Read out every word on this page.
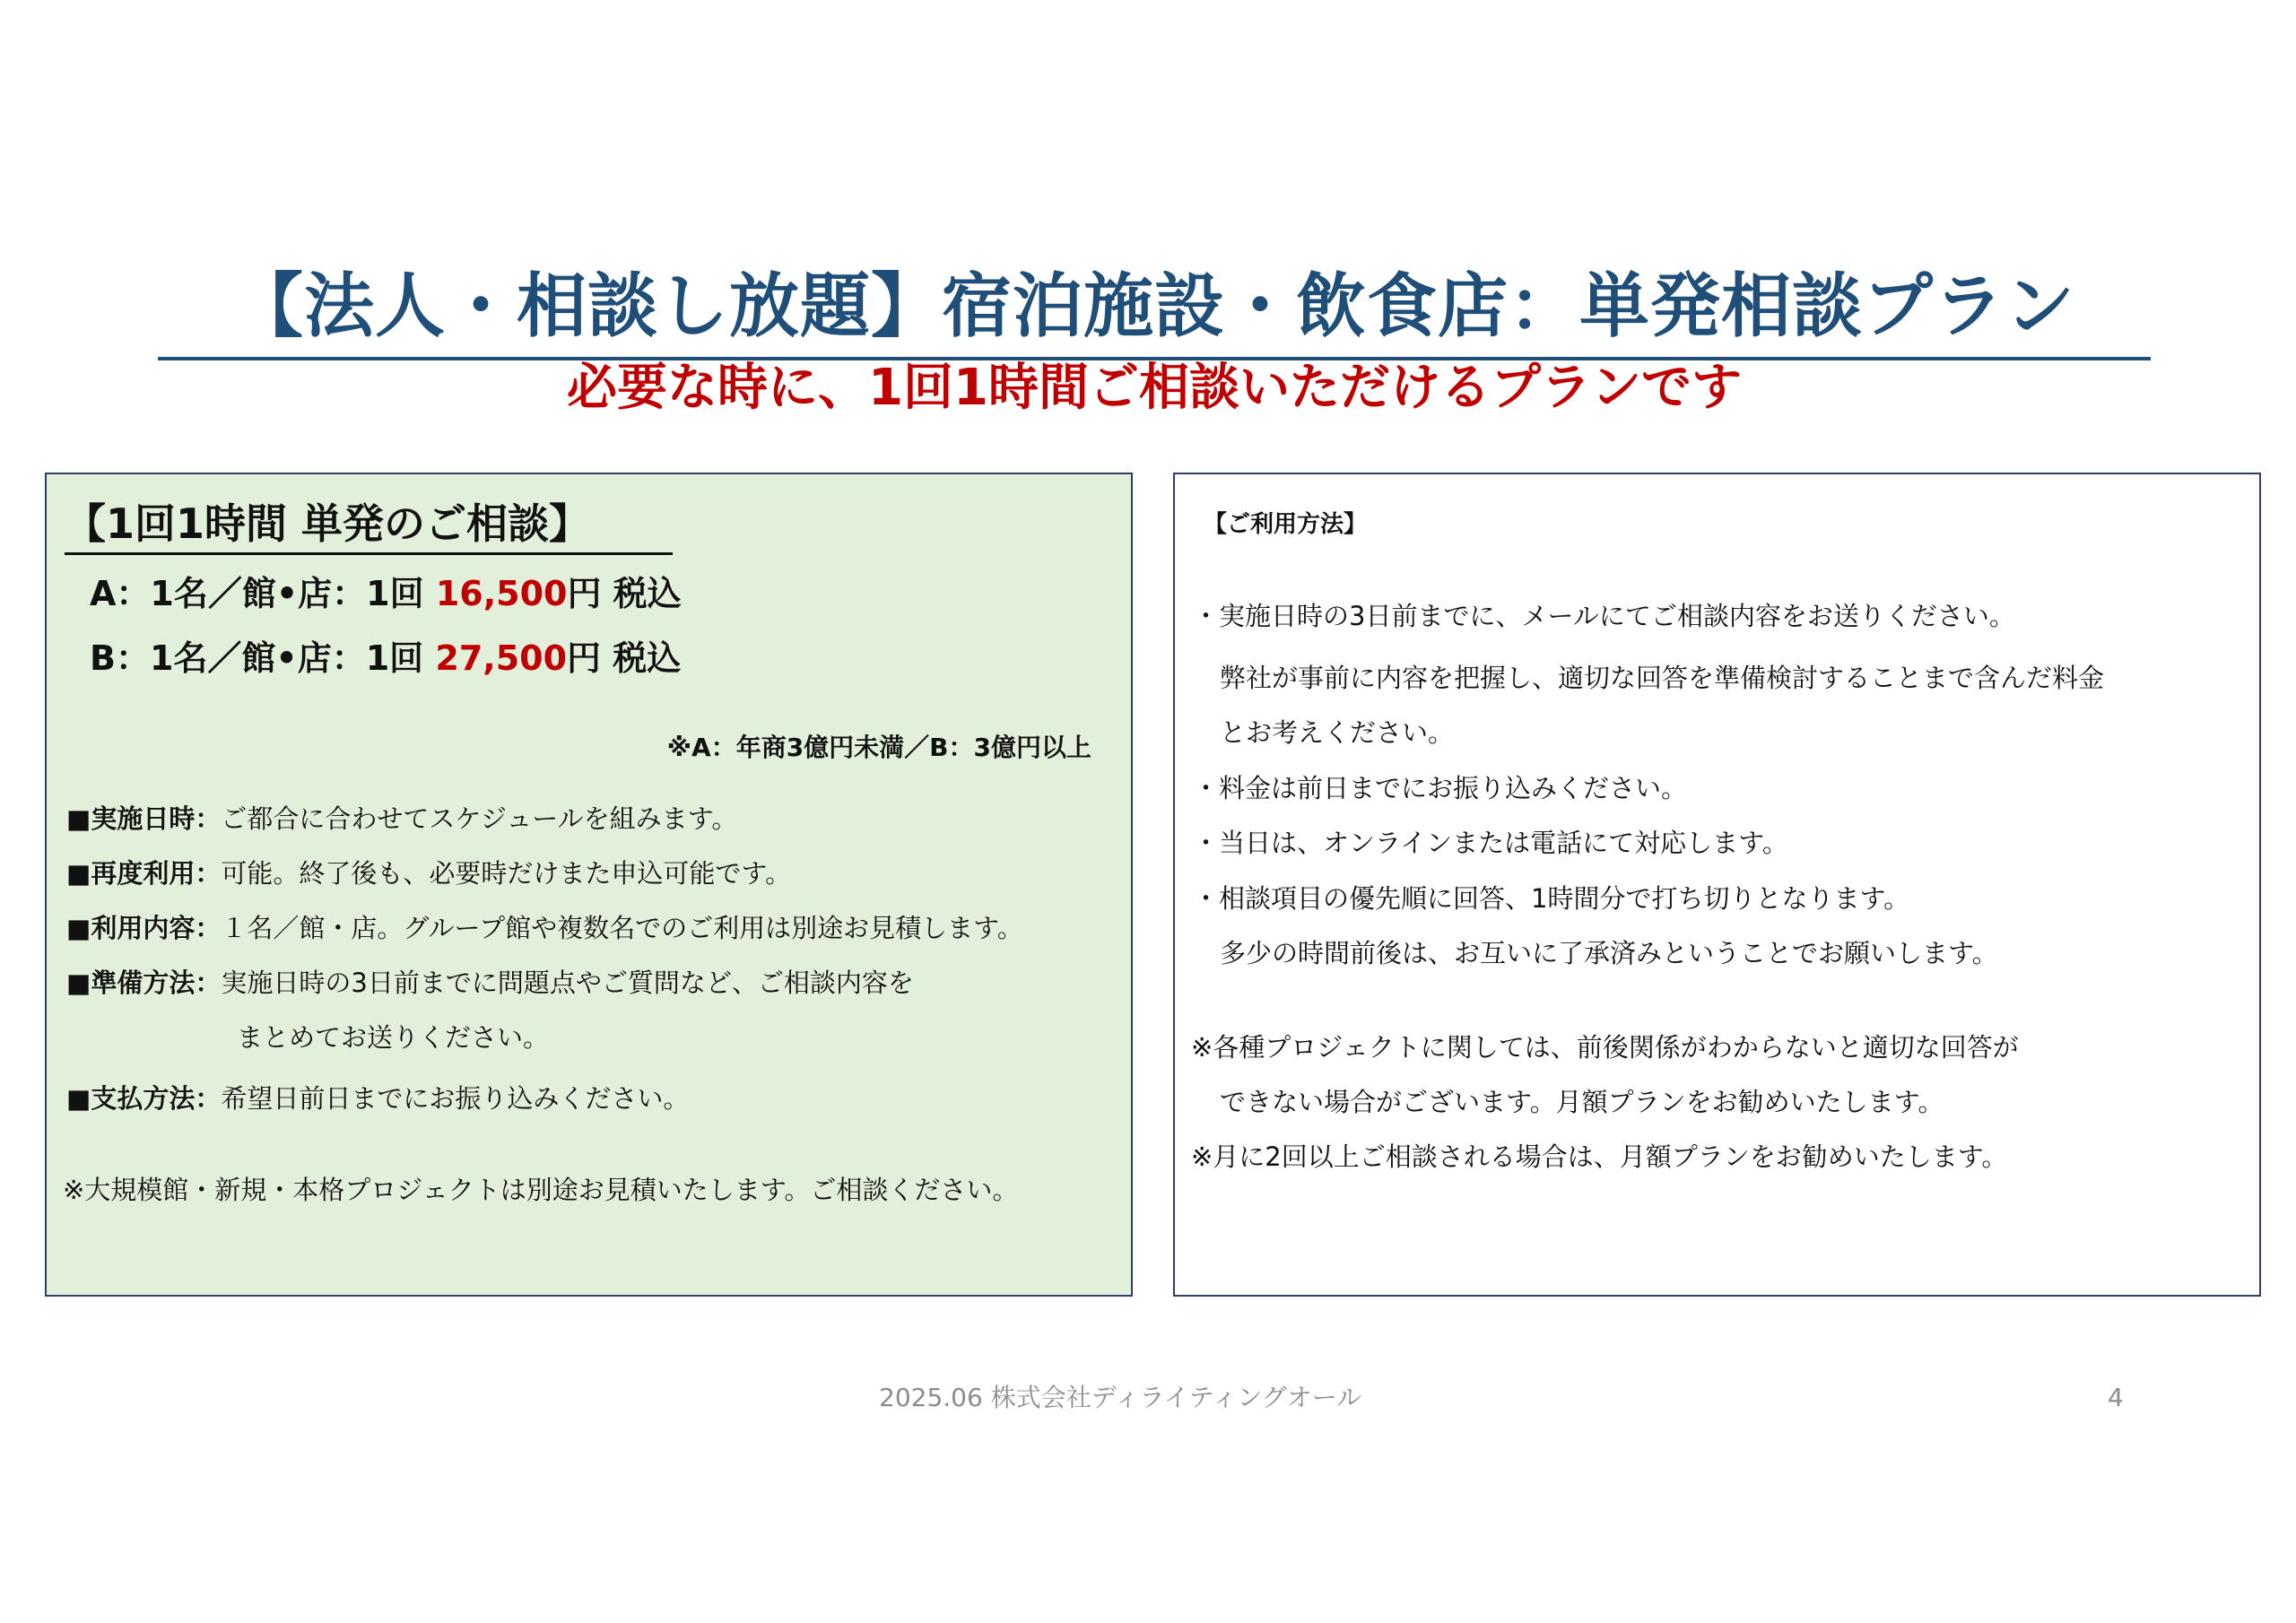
【法人・相談し放題】宿泊施設・飲食店：単発相談プラン
必要な時に、1回1時間ご相談いただけるプランです
【1回1時間 単発のご相談】
A：1名／館•店：1回 16,500円 税込
B：1名／館•店：1回 27,500円 税込
※A：年商3億円未満／B：3億円以上
■実施日時：ご都合に合わせてスケジュールを組みます。
■再度利用：可能。終了後も、必要時だけまた申込可能です。
■利用内容：１名／館・店。グループ館や複数名でのご利用は別途お見積します。
■準備方法：実施日時の3日前までに問題点やご質問など、ご相談内容を
まとめてお送りください。
■支払方法：希望日前日までにお振り込みください。
※大規模館・新規・本格プロジェクトは別途お見積いたします。ご相談ください。
【ご利用方法】
・実施日時の3日前までに、メールにてご相談内容をお送りください。
弊社が事前に内容を把握し、適切な回答を準備検討することまで含んだ料金
とお考えください。
・料金は前日までにお振り込みください。
・当日は、オンラインまたは電話にて対応します。
・相談項目の優先順に回答、1時間分で打ち切りとなります。
多少の時間前後は、お互いに了承済みということでお願いします。
※各種プロジェクトに関しては、前後関係がわからないと適切な回答が
できない場合がございます。月額プランをお勧めいたします。
※月に2回以上ご相談される場合は、月額プランをお勧めいたします。
2025.06 株式会社ディライティングオール	4
